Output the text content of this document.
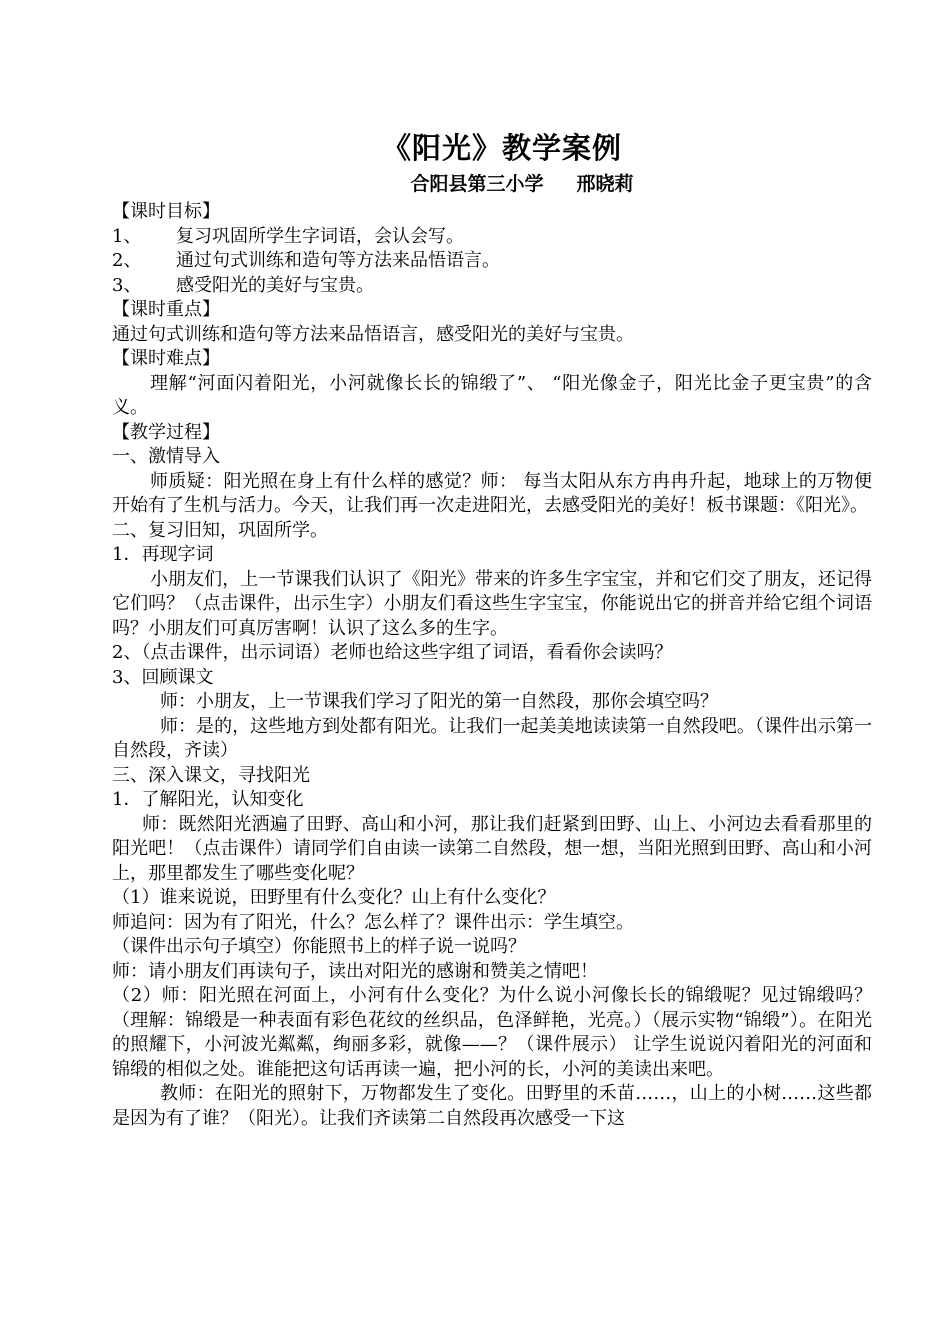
《阳光》教学案例
合阳县第三小学     邢晓莉
【课时目标】
1、 复习巩固所学生字词语，会认会写。
2、 通过句式训练和造句等方法来品悟语言。
3、 感受阳光的美好与宝贵。
【课时重点】
通过句式训练和造句等方法来品悟语言，感受阳光的美好与宝贵。
【课时难点】
理解“河面闪着阳光，小河就像长长的锦缎了”、 “阳光像金子，阳光比金子更宝贵”的含义。
【教学过程】
一、激情导入
师质疑：阳光照在身上有什么样的感觉？师： 每当太阳从东方冉冉升起，地球上的万物便开始有了生机与活力。今天，让我们再一次走进阳光，去感受阳光的美好！板书课题：《阳光》。
二、复习旧知，巩固所学。
1．再现字词
小朋友们，上一节课我们认识了《阳光》带来的许多生字宝宝，并和它们交了朋友，还记得它们吗？（点击课件，出示生字）小朋友们看这些生字宝宝，你能说出它的拼音并给它组个词语吗？小朋友们可真厉害啊！认识了这么多的生字。
2、（点击课件，出示词语）老师也给这些字组了词语，看看你会读吗？
3、回顾课文
师：小朋友，上一节课我们学习了阳光的第一自然段，那你会填空吗？
师：是的，这些地方到处都有阳光。让我们一起美美地读读第一自然段吧。（课件出示第一自然段，齐读）
三、深入课文，寻找阳光
1．了解阳光，认知变化
师：既然阳光洒遍了田野、高山和小河，那让我们赶紧到田野、山上、小河边去看看那里的阳光吧！（点击课件）请同学们自由读一读第二自然段，想一想，当阳光照到田野、高山和小河上，那里都发生了哪些变化呢？
（1）谁来说说，田野里有什么变化？山上有什么变化？
师追问：因为有了阳光，什么？怎么样了？课件出示：学生填空。
（课件出示句子填空）你能照书上的样子说一说吗？
师：请小朋友们再读句子，读出对阳光的感谢和赞美之情吧！
（2）师：阳光照在河面上，小河有什么变化？为什么说小河像长长的锦缎呢？见过锦缎吗？（理解：锦缎是一种表面有彩色花纹的丝织品，色泽鲜艳，光亮。）（展示实物“锦缎”）。在阳光的照耀下，小河波光粼粼，绚丽多彩，就像——？（课件展示） 让学生说说闪着阳光的河面和锦缎的相似之处。谁能把这句话再读一遍，把小河的长，小河的美读出来吧。
教师：在阳光的照射下，万物都发生了变化。田野里的禾苗……，山上的小树……这些都是因为有了谁？（阳光）。让我们齐读第二自然段再次感受一下这
